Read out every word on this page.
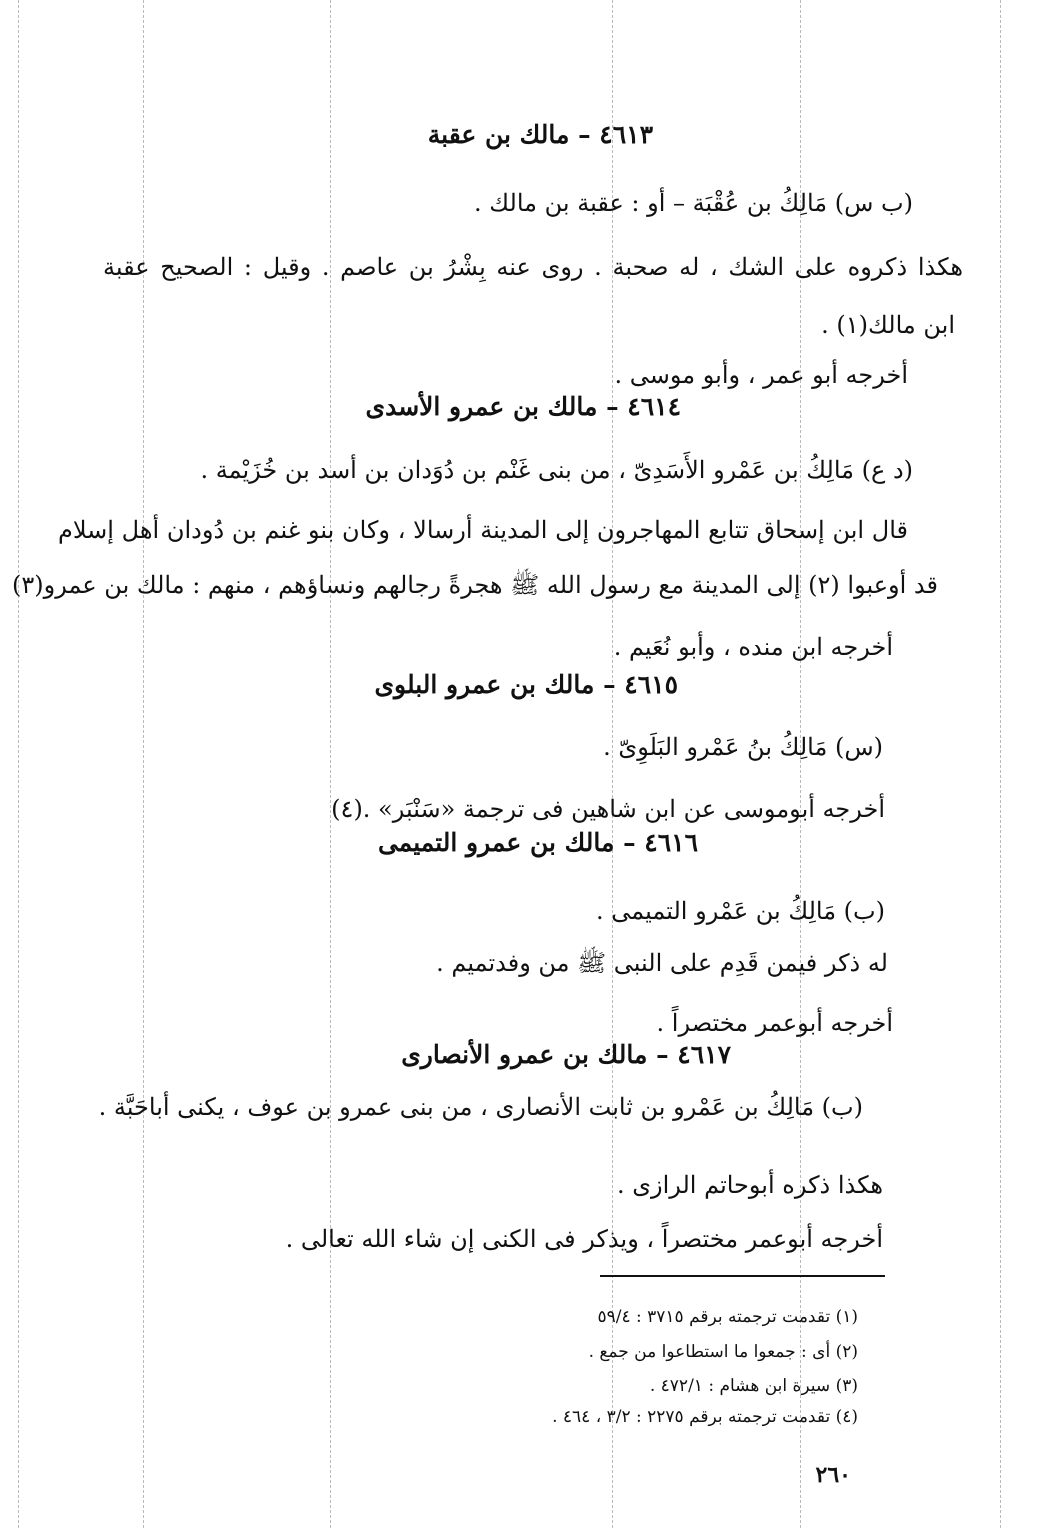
٤٦١٣ – مالك بن عقبة
(ب س) مَالِكُ بن عُقْبَة – أو : عقبة بن مالك .
هكذا ذكروه على الشك ، له صحبة . روى عنه بِشْرُ بن عاصم . وقيل : الصحيح عقبة
ابن مالك(١) .
أخرجه أبو عمر ، وأبو موسى .
٤٦١٤ – مالك بن عمرو الأسدى
(د ع) مَالِكُ بن عَمْرو الأَسَدِىّ ، من بنى غَنْم بن دُوَدان بن أسد بن خُزَيْمة .
قال ابن إسحاق تتابع المهاجرون إلى المدينة أرسالا ، وكان بنو غنم بن دُودان أهل إسلام
قد أوعبوا (٢) إلى المدينة مع رسول الله ﷺ هجرةً رجالهم ونساؤهم ، منهم : مالك بن عمرو(٣)
أخرجه ابن منده ، وأبو نُعَيم .
٤٦١٥ – مالك بن عمرو البلوى
(س) مَالِكُ بنُ عَمْرو البَلَوِىّ .
أخرجه أبوموسى عن ابن شاهين فى ترجمة «سَنْبَر» .(٤)
٤٦١٦ – مالك بن عمرو التميمى
(ب) مَالِكُ بن عَمْرو التميمى .
له ذكر فيمن قَدِم على النبى ﷺ من وفدتميم .
أخرجه أبوعمر مختصراً .
٤٦١٧ – مالك بن عمرو الأنصارى
(ب) مَالِكُ بن عَمْرو بن ثابت الأنصارى ، من بنى عمرو بن عوف ، يكنى أباحَبَّة .
هكذا ذكره أبوحاتم الرازى .
أخرجه أبوعمر مختصراً ، ويذكر فى الكنى إن شاء الله تعالى .
(١) تقدمت ترجمته برقم ٣٧١٥ : ٥٩/٤
(٢) أى : جمعوا ما استطاعوا من جمع .
(٣) سيرة ابن هشام : ٤٧٢/١ .
(٤) تقدمت ترجمته برقم ٢٢٧٥ : ٣/٢ ، ٤٦٤ .
٢٦٠
